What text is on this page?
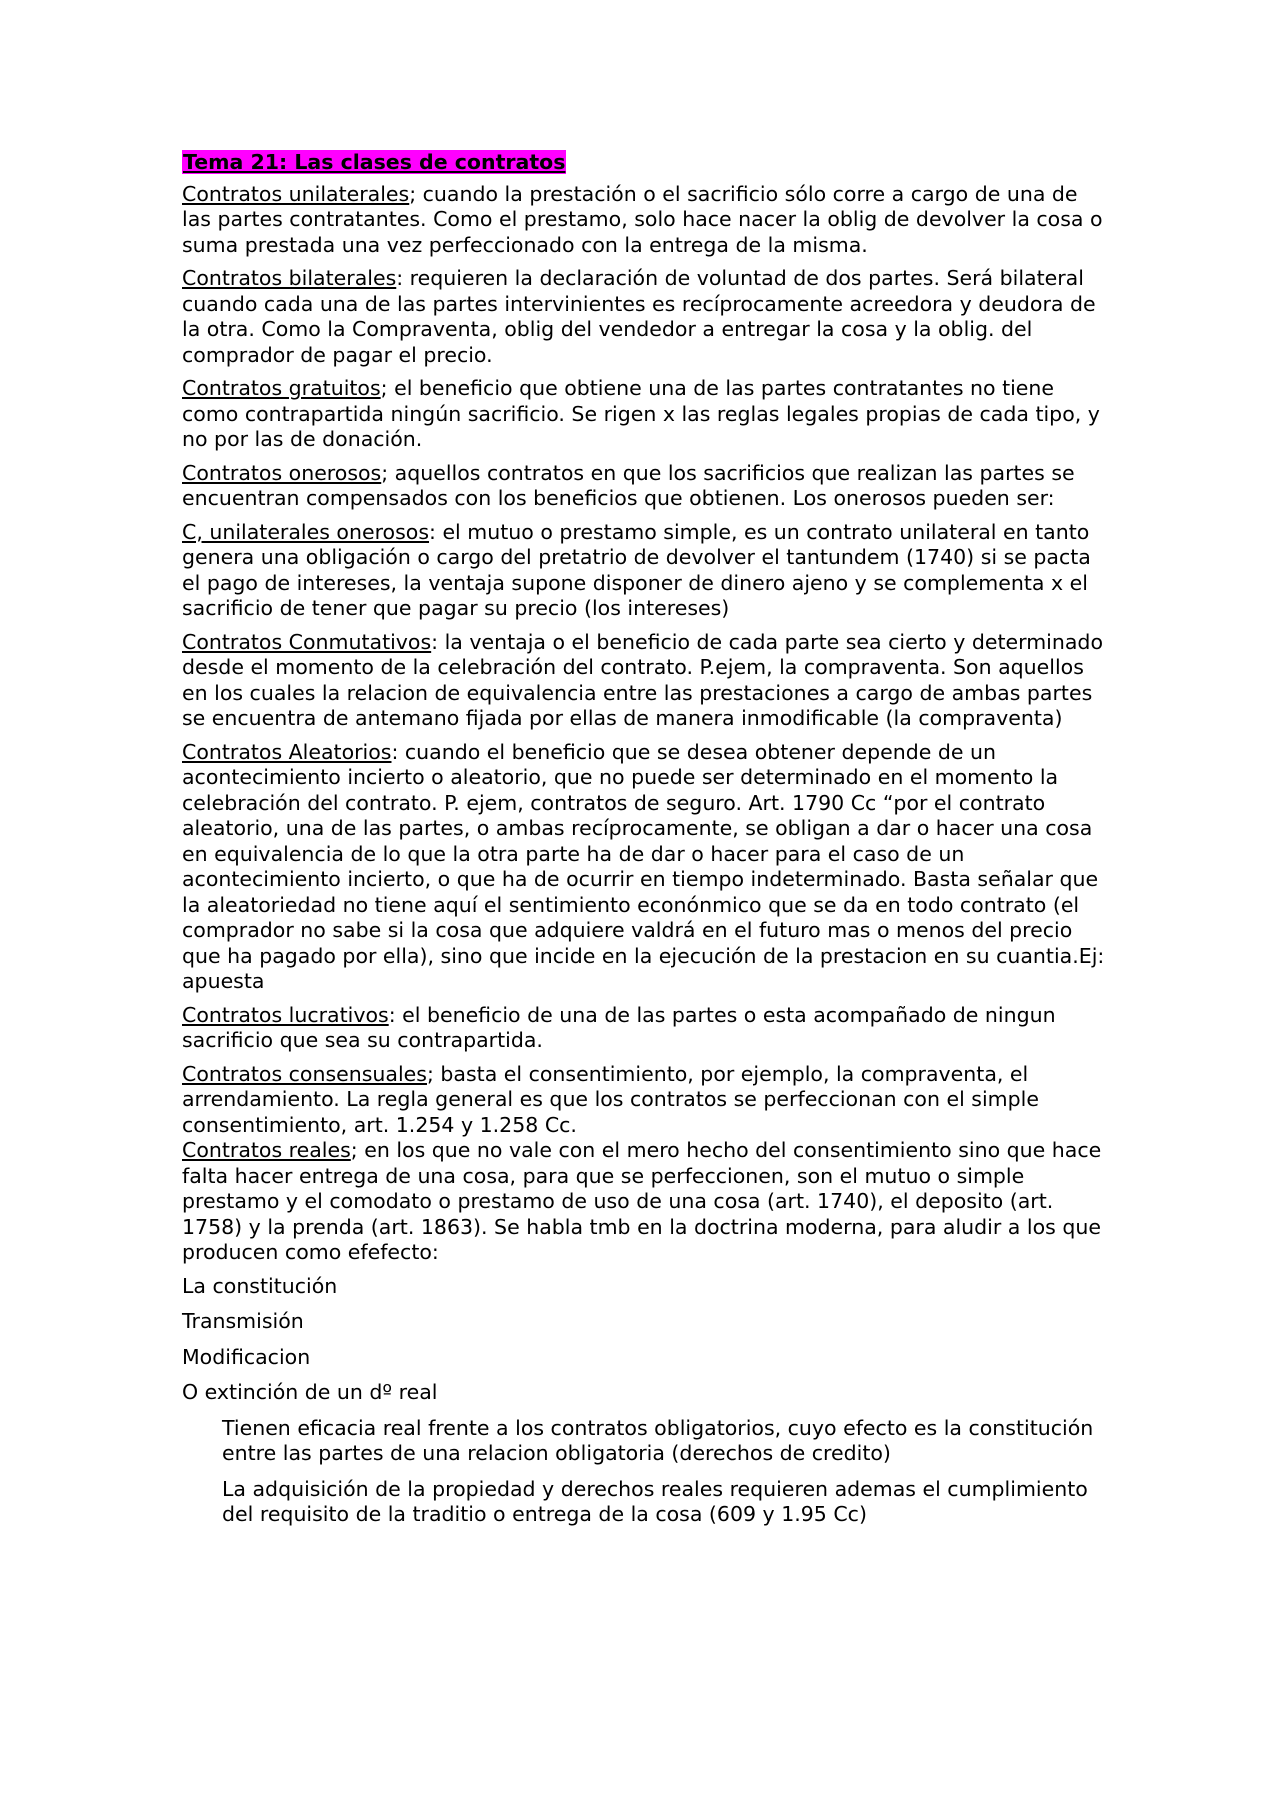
Tema 21: Las clases de contratos

Contratos unilaterales; cuando la prestación o el sacrificio sólo corre a cargo de una de las partes contratantes. Como el prestamo, solo hace nacer la oblig de devolver la cosa o suma prestada una vez perfeccionado con la entrega de la misma.

Contratos bilaterales: requieren la declaración de voluntad de dos partes. Será bilateral cuando cada una de las partes intervinientes es recíprocamente acreedora y deudora de la otra. Como la Compraventa, oblig del vendedor a entregar la cosa y la oblig. del comprador de pagar el precio.

Contratos gratuitos; el beneficio que obtiene una de las partes contratantes no tiene como contrapartida ningún sacrificio. Se rigen x las reglas legales propias de cada tipo, y no por las de donación.

Contratos onerosos; aquellos contratos en que los sacrificios que realizan las partes se encuentran compensados con los beneficios que obtienen. Los onerosos pueden ser:

C, unilaterales onerosos: el mutuo o prestamo simple, es un contrato unilateral en tanto genera una obligación o cargo del pretatrio de devolver el tantundem (1740) si se pacta el pago de intereses, la ventaja supone disponer de dinero ajeno y se complementa x el sacrificio de tener que pagar su precio (los intereses)

Contratos Conmutativos: la ventaja o el beneficio de cada parte sea cierto y determinado desde el momento de la celebración del contrato. P.ejem, la compraventa. Son aquellos en los cuales la relacion de equivalencia entre las prestaciones a cargo de ambas partes se encuentra de antemano fijada por ellas de manera inmodificable (la compraventa)

Contratos Aleatorios: cuando el beneficio que se desea obtener depende de un acontecimiento incierto o aleatorio, que no puede ser determinado en el momento la celebración del contrato. P. ejem, contratos de seguro. Art. 1790 Cc “por el contrato aleatorio, una de las partes, o ambas recíprocamente, se obligan a dar o hacer una cosa en equivalencia de lo que la otra parte ha de dar o hacer para el caso de un acontecimiento incierto, o que ha de ocurrir en tiempo indeterminado. Basta señalar que la aleatoriedad no tiene aquí el sentimiento econónmico que se da en todo contrato (el comprador no sabe si la cosa que adquiere valdrá en el futuro mas o menos del precio que ha pagado por ella), sino que incide en la ejecución de la prestacion en su cuantia.Ej: apuesta

Contratos lucrativos: el beneficio de una de las partes o esta acompañado de ningun sacrificio que sea su contrapartida.

Contratos consensuales; basta el consentimiento, por ejemplo, la compraventa, el arrendamiento. La regla general es que los contratos se perfeccionan con el simple consentimiento, art. 1.254 y 1.258 Cc.

Contratos reales; en los que no vale con el mero hecho del consentimiento sino que hace falta hacer entrega de una cosa, para que se perfeccionen, son el mutuo o simple prestamo y el comodato o prestamo de uso de una cosa (art. 1740), el deposito (art. 1758) y la prenda (art. 1863). Se habla tmb en la doctrina moderna, para aludir a los que producen como efefecto:

La constitución
Transmisión
Modificacion
O extinción de un dº real
Tienen eficacia real frente a los contratos obligatorios, cuyo efecto es la constitución entre las partes de una relacion obligatoria (derechos de credito)
La adquisición de la propiedad y derechos reales requieren ademas el cumplimiento del requisito de la traditio o entrega de la cosa (609 y 1.95 Cc)
